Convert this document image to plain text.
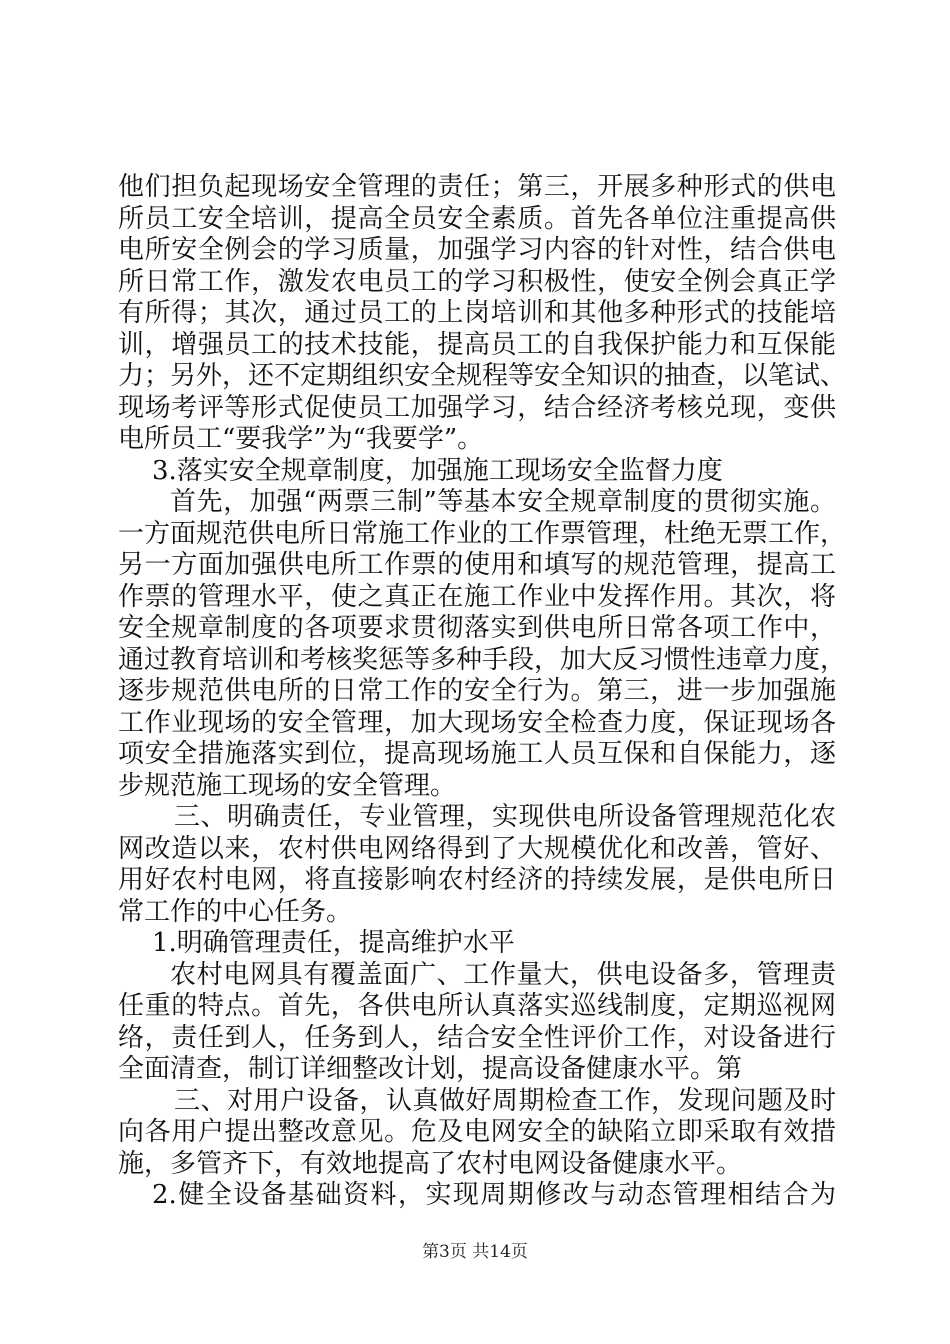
他们担负起现场安全管理的责任；第三，开展多种形式的供电
所员工安全培训，提高全员安全素质。首先各单位注重提高供
电所安全例会的学习质量，加强学习内容的针对性，结合供电
所日常工作，激发农电员工的学习积极性，使安全例会真正学
有所得；其次，通过员工的上岗培训和其他多种形式的技能培
训，增强员工的技术技能，提高员工的自我保护能力和互保能
力；另外，还不定期组织安全规程等安全知识的抽查，以笔试、
现场考评等形式促使员工加强学习，结合经济考核兑现，变供
电所员工“要我学”为“我要学”。
3.落实安全规章制度，加强施工现场安全监督力度
首先，加强“两票三制”等基本安全规章制度的贯彻实施。
一方面规范供电所日常施工作业的工作票管理，杜绝无票工作，
另一方面加强供电所工作票的使用和填写的规范管理，提高工
作票的管理水平，使之真正在施工作业中发挥作用。其次，将
安全规章制度的各项要求贯彻落实到供电所日常各项工作中，
通过教育培训和考核奖惩等多种手段，加大反习惯性违章力度，
逐步规范供电所的日常工作的安全行为。第三，进一步加强施
工作业现场的安全管理，加大现场安全检查力度，保证现场各
项安全措施落实到位，提高现场施工人员互保和自保能力，逐
步规范施工现场的安全管理。
三、明确责任，专业管理，实现供电所设备管理规范化农
网改造以来，农村供电网络得到了大规模优化和改善，管好、
用好农村电网，将直接影响农村经济的持续发展，是供电所日
常工作的中心任务。
1.明确管理责任，提高维护水平
农村电网具有覆盖面广、工作量大，供电设备多，管理责
任重的特点。首先，各供电所认真落实巡线制度，定期巡视网
络，责任到人，任务到人，结合安全性评价工作，对设备进行
全面清查，制订详细整改计划，提高设备健康水平。第
三、对用户设备，认真做好周期检查工作，发现问题及时
向各用户提出整改意见。危及电网安全的缺陷立即采取有效措
施，多管齐下，有效地提高了农村电网设备健康水平。
2.健全设备基础资料，实现周期修改与动态管理相结合为
第3页 共14页
